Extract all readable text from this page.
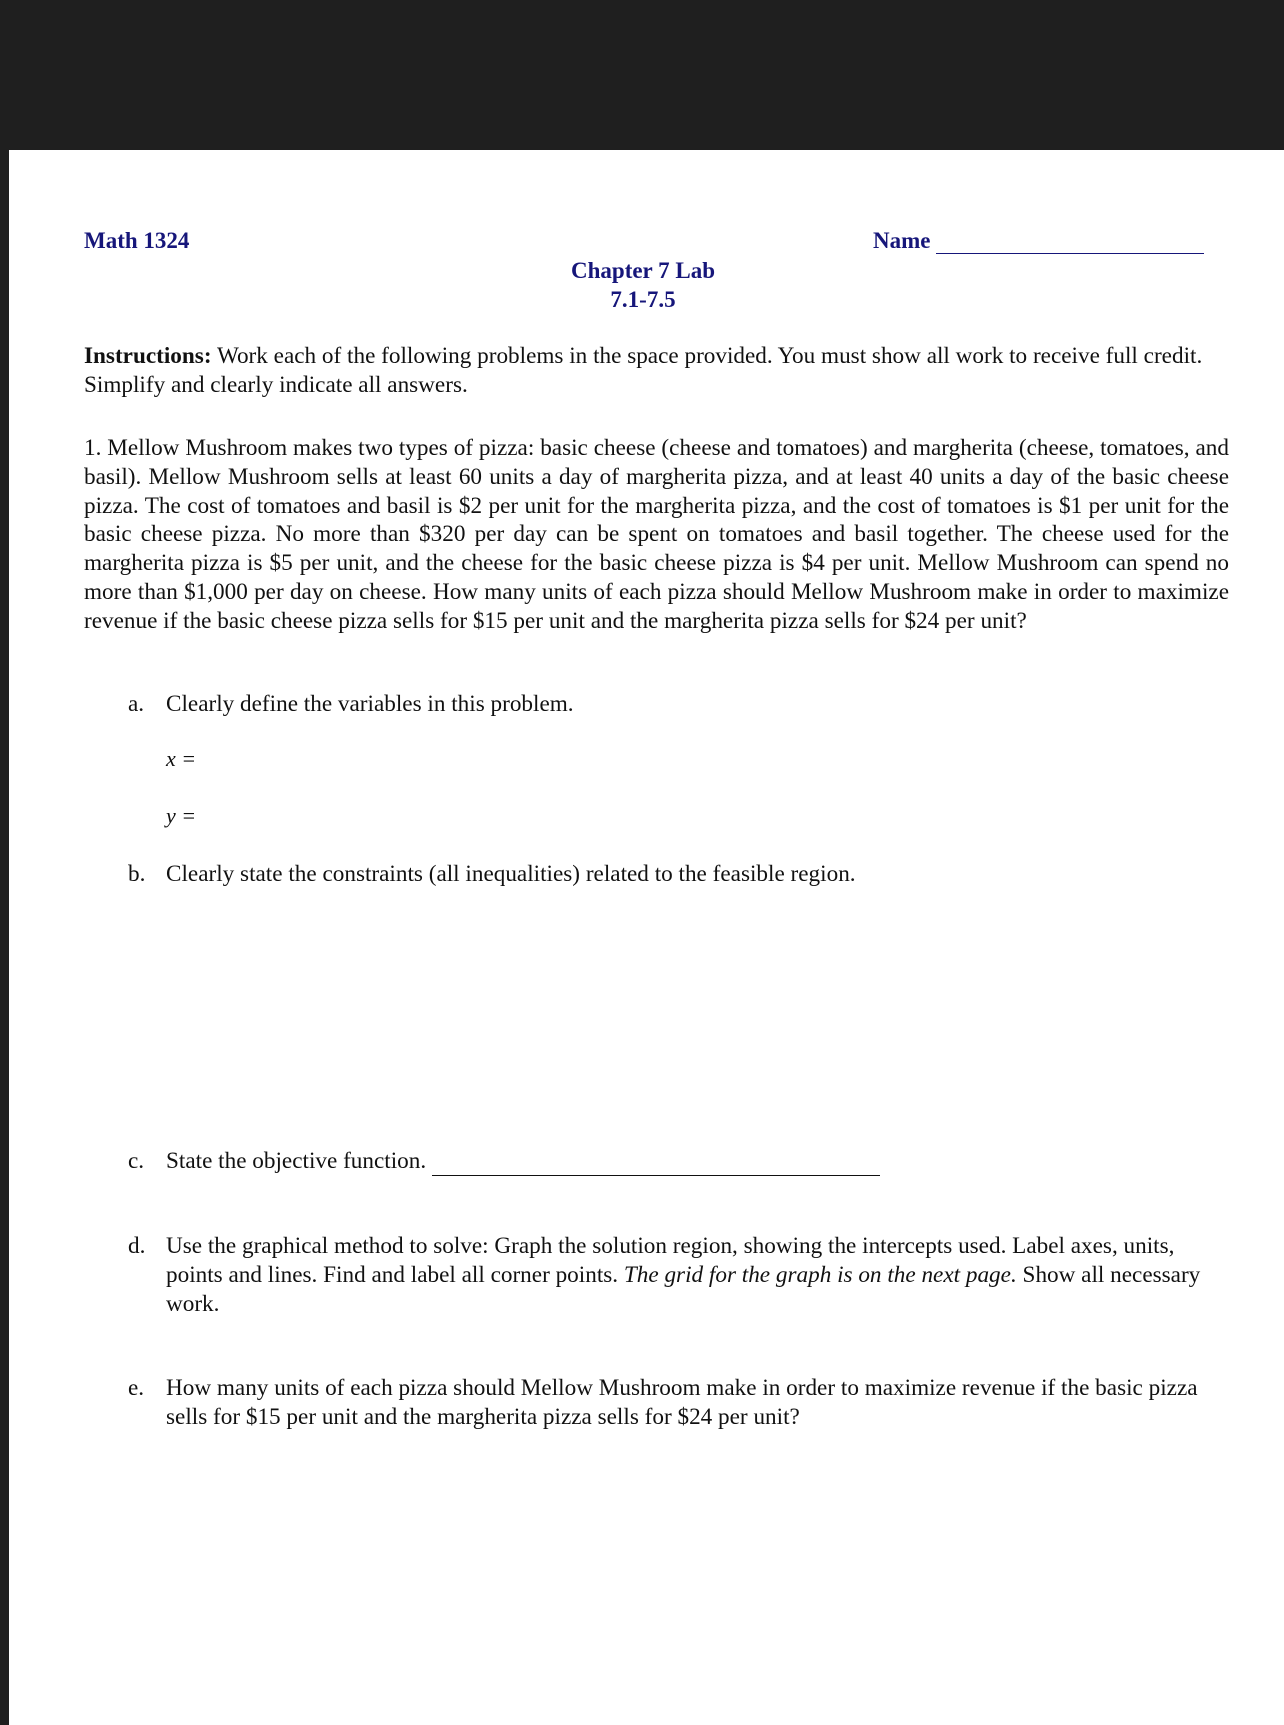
Math 1324	Name
Chapter 7 Lab
7.1-7.5
Instructions: Work each of the following problems in the space provided. You must show all work to receive full credit. Simplify and clearly indicate all answers.
1. Mellow Mushroom makes two types of pizza: basic cheese (cheese and tomatoes) and margherita (cheese, tomatoes, and basil). Mellow Mushroom sells at least 60 units a day of margherita pizza, and at least 40 units a day of the basic cheese pizza. The cost of tomatoes and basil is $2 per unit for the margherita pizza, and the cost of tomatoes is $1 per unit for the basic cheese pizza. No more than $320 per day can be spent on tomatoes and basil together. The cheese used for the margherita pizza is $5 per unit, and the cheese for the basic cheese pizza is $4 per unit. Mellow Mushroom can spend no more than $1,000 per day on cheese. How many units of each pizza should Mellow Mushroom make in order to maximize revenue if the basic cheese pizza sells for $15 per unit and the margherita pizza sells for $24 per unit?
a. Clearly define the variables in this problem.
x =
y =
b. Clearly state the constraints (all inequalities) related to the feasible region.
c. State the objective function.
d. Use the graphical method to solve: Graph the solution region, showing the intercepts used. Label axes, units, points and lines. Find and label all corner points. The grid for the graph is on the next page. Show all necessary work.
e. How many units of each pizza should Mellow Mushroom make in order to maximize revenue if the basic pizza sells for $15 per unit and the margherita pizza sells for $24 per unit?
